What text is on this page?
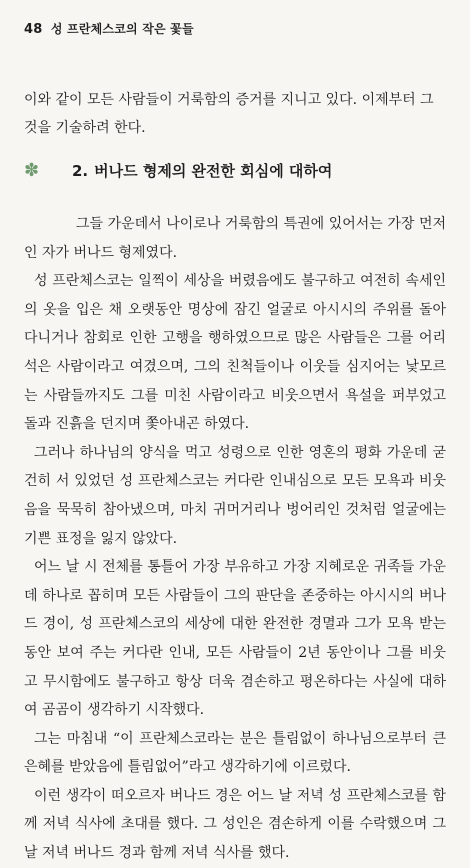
48 성 프란체스코의 작은 꽃들

이와 같이 모든 사람들이 거룩함의 증거를 지니고 있다. 이제부터 그것을 기술하려 한다.

✽	2. 버나드 형제의 완전한 회심에 대하여

그들 가운데서 나이로나 거룩함의 특권에 있어서는 가장 먼저인 자가 버나드 형제였다.

성 프란체스코는 일찍이 세상을 버렸음에도 불구하고 여전히 속세인의 옷을 입은 채 오랫동안 명상에 잠긴 얼굴로 아시시의 주위를 돌아다니거나 참회로 인한 고행을 행하였으므로 많은 사람들은 그를 어리석은 사람이라고 여겼으며, 그의 친척들이나 이웃들 심지어는 낯모르는 사람들까지도 그를 미친 사람이라고 비웃으면서 욕설을 퍼부었고 돌과 진흙을 던지며 쫓아내곤 하였다.

그러나 하나님의 양식을 먹고 성령으로 인한 영혼의 평화 가운데 굳건히 서 있었던 성 프란체스코는 커다란 인내심으로 모든 모욕과 비웃음을 묵묵히 참아냈으며, 마치 귀머거리나 벙어리인 것처럼 얼굴에는 기쁜 표정을 잃지 않았다.

어느 날 시 전체를 통틀어 가장 부유하고 가장 지혜로운 귀족들 가운데 하나로 꼽히며 모든 사람들이 그의 판단을 존중하는 아시시의 버나드 경이, 성 프란체스코의 세상에 대한 완전한 경멸과 그가 모욕 받는 동안 보여 주는 커다란 인내, 모든 사람들이 2년 동안이나 그를 비웃고 무시함에도 불구하고 항상 더욱 겸손하고 평온하다는 사실에 대하여 곰곰이 생각하기 시작했다.

그는 마침내 “이 프란체스코라는 분은 틀림없이 하나님으로부터 큰 은혜를 받았음에 틀림없어”라고 생각하기에 이르렀다.

이런 생각이 떠오르자 버나드 경은 어느 날 저녁 성 프란체스코를 함께 저녁 식사에 초대를 했다. 그 성인은 겸손하게 이를 수락했으며 그날 저녁 버나드 경과 함께 저녁 식사를 했다.
